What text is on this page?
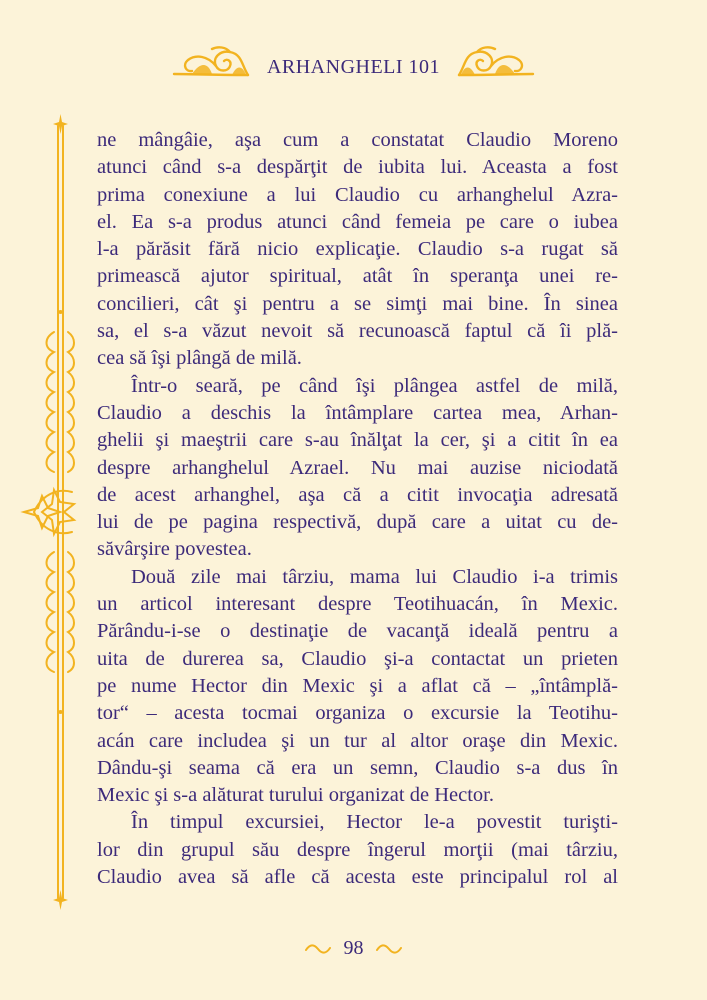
ARHANGHELI 101
ne mângâie, aşa cum a constatat Claudio Moreno
atunci când s-a despărţit de iubita lui. Aceasta a fost
prima conexiune a lui Claudio cu arhanghelul Azra-
el. Ea s-a produs atunci când femeia pe care o iubea
l-a părăsit fără nicio explicaţie. Claudio s-a rugat să
primească ajutor spiritual, atât în speranţa unei re-
concilieri, cât şi pentru a se simţi mai bine. În sinea
sa, el s-a văzut nevoit să recunoască faptul că îi plă-
cea să îşi plângă de milă.
Într-o seară, pe când îşi plângea astfel de milă,
Claudio a deschis la întâmplare cartea mea, Arhan-
ghelii şi maeştrii care s-au înălţat la cer, şi a citit în ea
despre arhanghelul Azrael. Nu mai auzise niciodată
de acest arhanghel, aşa că a citit invocaţia adresată
lui de pe pagina respectivă, după care a uitat cu de-
săvârşire povestea.
Două zile mai târziu, mama lui Claudio i-a trimis
un articol interesant despre Teotihuacán, în Mexic.
Părându-i-se o destinaţie de vacanţă ideală pentru a
uita de durerea sa, Claudio şi-a contactat un prieten
pe nume Hector din Mexic şi a aflat că – „întâmplă-
tor“ – acesta tocmai organiza o excursie la Teotihu-
acán care includea şi un tur al altor oraşe din Mexic.
Dându-şi seama că era un semn, Claudio s-a dus în
Mexic şi s-a alăturat turului organizat de Hector.
În timpul excursiei, Hector le-a povestit turişti-
lor din grupul său despre îngerul morţii (mai târziu,
Claudio avea să afle că acesta este principalul rol al
98
